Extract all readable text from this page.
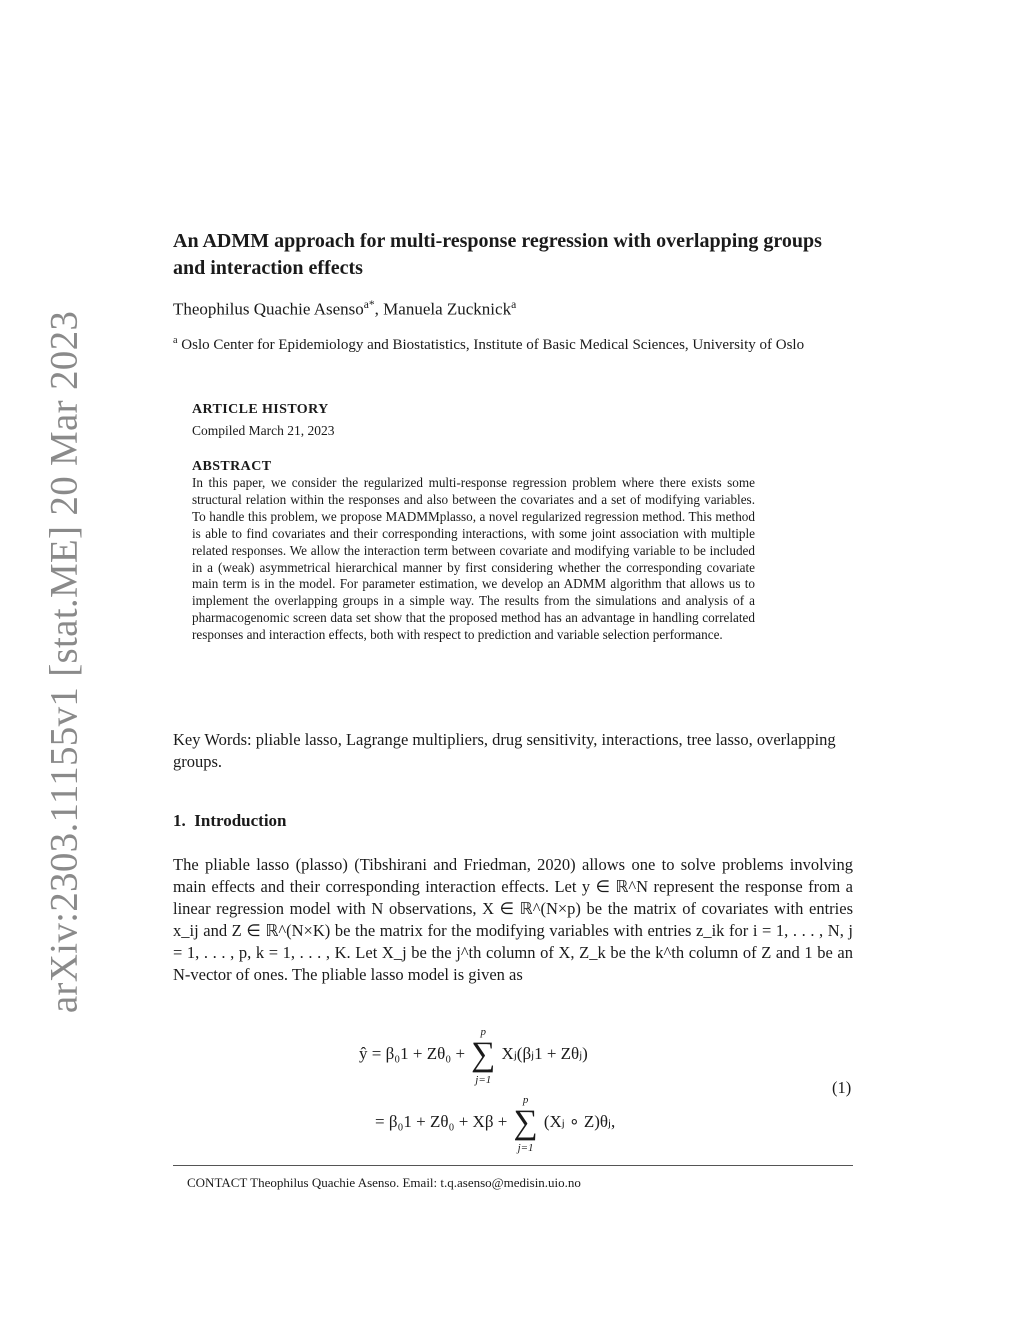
arXiv:2303.11155v1 [stat.ME] 20 Mar 2023
An ADMM approach for multi-response regression with overlapping groups and interaction effects
Theophilus Quachie Asenso$^{a*}$, Manuela Zucknick$^a$
$^a$ Oslo Center for Epidemiology and Biostatistics, Institute of Basic Medical Sciences, University of Oslo
ARTICLE HISTORY
Compiled March 21, 2023
ABSTRACT
In this paper, we consider the regularized multi-response regression problem where there exists some structural relation within the responses and also between the covariates and a set of modifying variables. To handle this problem, we propose MADMMplasso, a novel regularized regression method. This method is able to find covariates and their corresponding interactions, with some joint association with multiple related responses. We allow the interaction term between covariate and modifying variable to be included in a (weak) asymmetrical hierarchical manner by first considering whether the corresponding covariate main term is in the model. For parameter estimation, we develop an ADMM algorithm that allows us to implement the overlapping groups in a simple way. The results from the simulations and analysis of a pharmacogenomic screen data set show that the proposed method has an advantage in handling correlated responses and interaction effects, both with respect to prediction and variable selection performance.
Key Words: pliable lasso, Lagrange multipliers, drug sensitivity, interactions, tree lasso, overlapping groups.
1. Introduction
The pliable lasso (plasso) (Tibshirani and Friedman, 2020) allows one to solve problems involving main effects and their corresponding interaction effects. Let y ∈ ℝ^N represent the response from a linear regression model with N observations, X ∈ ℝ^(N×p) be the matrix of covariates with entries x_ij and Z ∈ ℝ^(N×K) be the matrix for the modifying variables with entries z_ik for i = 1, . . . , N, j = 1, . . . , p, k = 1, . . . , K. Let X_j be the j^th column of X, Z_k be the k^th column of Z and 1 be an N-vector of ones. The pliable lasso model is given as
ŷ = β₀1 + Zθ₀ + ∑
p
j=1
Xⱼ(βⱼ1 + Zθⱼ)
= β₀1 + Zθ₀ + Xβ + ∑
p
j=1
(Xⱼ ∘ Z)θⱼ,
(1)
CONTACT Theophilus Quachie Asenso. Email: t.q.asenso@medisin.uio.no
